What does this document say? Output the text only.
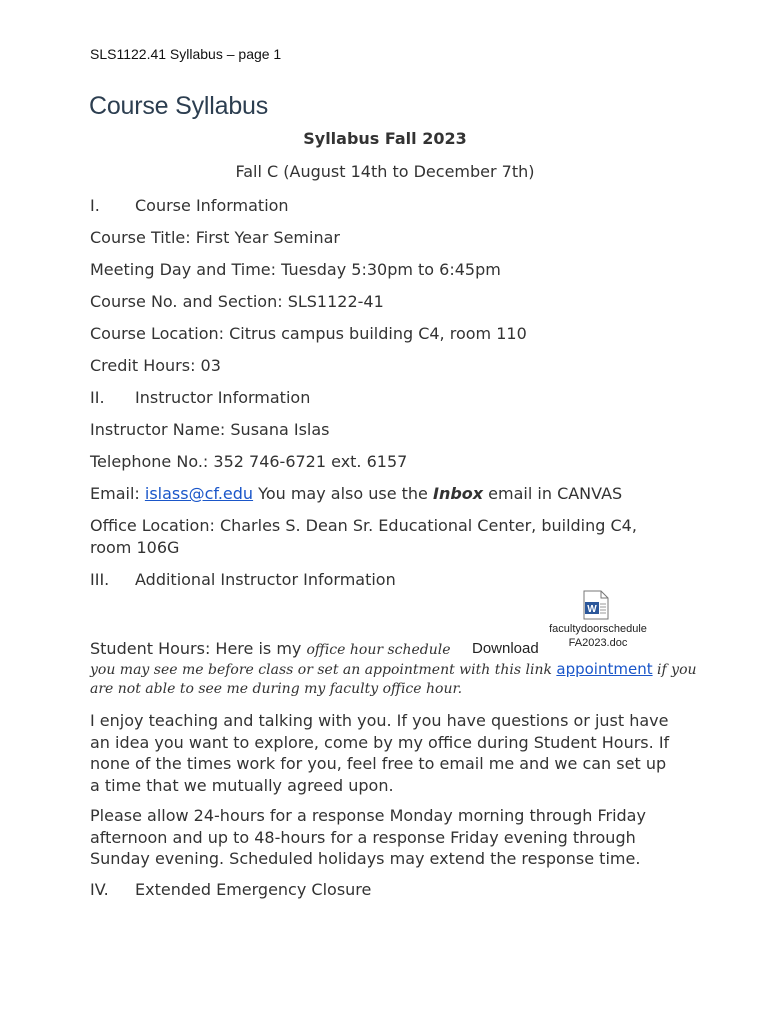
SLS1122.41 Syllabus – page 1
Course Syllabus
Syllabus Fall 2023
Fall C (August 14th to December 7th)
I. Course Information
Course Title: First Year Seminar
Meeting Day and Time: Tuesday 5:30pm to 6:45pm
Course No. and Section: SLS1122-41
Course Location: Citrus campus building C4, room 110
Credit Hours: 03
II. Instructor Information
Instructor Name: Susana Islas
Telephone No.: 352 746-6721 ext. 6157
Email: islass@cf.edu You may also use the Inbox email in CANVAS
Office Location: Charles S. Dean Sr. Educational Center, building C4, room 106G
III. Additional Instructor Information
W
facultydoorschedule FA2023.doc
Student Hours: Here is my office hour schedule Download
you may see me before class or set an appointment with this link appointment if you
are not able to see me during my faculty office hour.
I enjoy teaching and talking with you. If you have questions or just have an idea you want to explore, come by my office during Student Hours. If none of the times work for you, feel free to email me and we can set up a time that we mutually agreed upon.
Please allow 24-hours for a response Monday morning through Friday afternoon and up to 48-hours for a response Friday evening through Sunday evening. Scheduled holidays may extend the response time.
IV. Extended Emergency Closure
